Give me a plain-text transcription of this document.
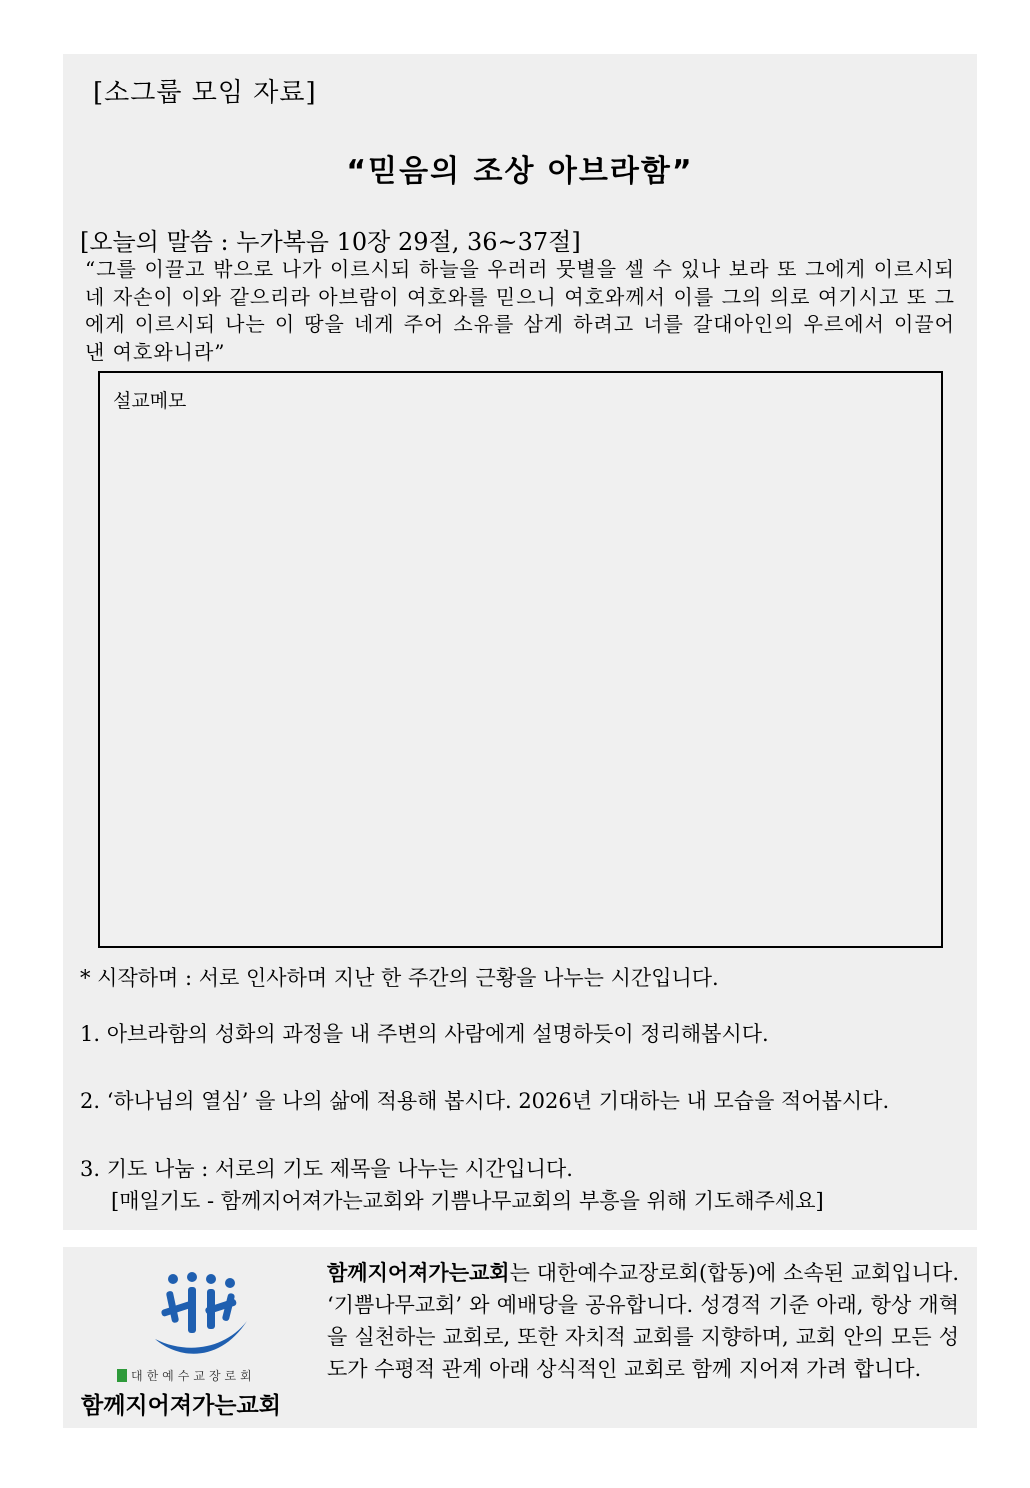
[소그룹 모임 자료]
“믿음의 조상 아브라함”
[오늘의 말씀 : 누가복음 10장 29절, 36~37절]
“그를 이끌고 밖으로 나가 이르시되 하늘을 우러러 뭇별을 셀 수 있나 보라 또 그에게 이르시되 네 자손이 이와 같으리라 아브람이 여호와를 믿으니 여호와께서 이를 그의 의로 여기시고 또 그에게 이르시되 나는 이 땅을 네게 주어 소유를 삼게 하려고 너를 갈대아인의 우르에서 이끌어 낸 여호와니라”
설교메모
* 시작하며 : 서로 인사하며 지난 한 주간의 근황을 나누는 시간입니다.
1. 아브라함의 성화의 과정을 내 주변의 사람에게 설명하듯이 정리해봅시다.
2. ‘하나님의 열심’ 을 나의 삶에 적용해 봅시다. 2026년 기대하는 내 모습을 적어봅시다.
3. 기도 나눔 : 서로의 기도 제목을 나누는 시간입니다.
[매일기도 - 함께지어져가는교회와 기쁨나무교회의 부흥을 위해 기도해주세요]
대한예수교장로회
함께지어져가는교회
함께지어져가는교회는 대한예수교장로회(합동)에 소속된 교회입니다. ‘기쁨나무교회’ 와 예배당을 공유합니다. 성경적 기준 아래, 항상 개혁을 실천하는 교회로, 또한 자치적 교회를 지향하며, 교회 안의 모든 성도가 수평적 관계 아래 상식적인 교회로 함께 지어져 가려 합니다.
